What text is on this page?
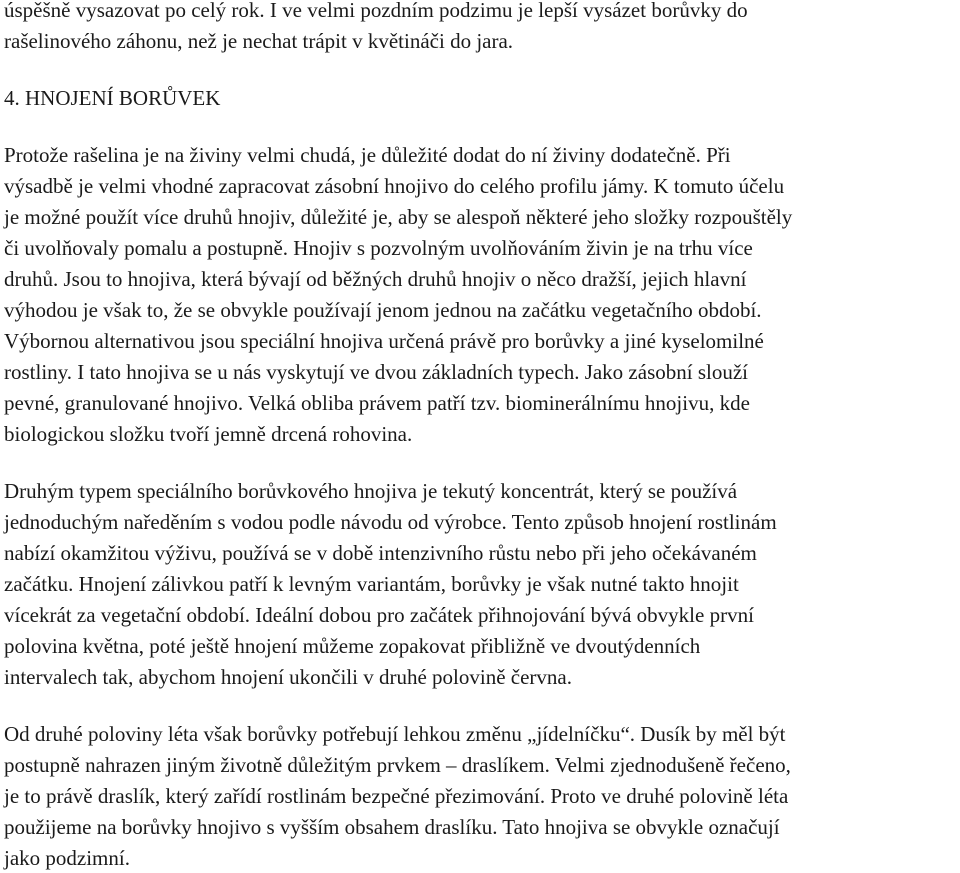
úspěšně vysazovat po celý rok. I ve velmi pozdním podzimu je lepší vysázet borůvky do
rašelinového záhonu, než je nechat trápit v květináči do jara.
4. HNOJENÍ BORŮVEK
Protože rašelina je na živiny velmi chudá, je důležité dodat do ní živiny dodatečně. Při
výsadbě je velmi vhodné zapracovat zásobní hnojivo do celého profilu jámy. K tomuto účelu
je možné použít více druhů hnojiv, důležité je, aby se alespoň některé jeho složky rozpouštěly
či uvolňovaly pomalu a postupně. Hnojiv s pozvolným uvolňováním živin je na trhu více
druhů. Jsou to hnojiva, která bývají od běžných druhů hnojiv o něco dražší, jejich hlavní
výhodou je však to, že se obvykle používají jenom jednou na začátku vegetačního období.
Výbornou alternativou jsou speciální hnojiva určená právě pro borůvky a jiné kyselomilné
rostliny. I tato hnojiva se u nás vyskytují ve dvou základních typech. Jako zásobní slouží
pevné, granulované hnojivo. Velká obliba právem patří tzv. biominerálnímu hnojivu, kde
biologickou složku tvoří jemně drcená rohovina.
Druhým typem speciálního borůvkového hnojiva je tekutý koncentrát, který se používá
jednoduchým naředěním s vodou podle návodu od výrobce. Tento způsob hnojení rostlinám
nabízí okamžitou výživu, používá se v době intenzivního růstu nebo při jeho očekávaném
začátku. Hnojení zálivkou patří k levným variantám, borůvky je však nutné takto hnojit
vícekrát za vegetační období. Ideální dobou pro začátek přihnojování bývá obvykle první
polovina května, poté ještě hnojení můžeme zopakovat přibližně ve dvoutýdenních
intervalech tak, abychom hnojení ukončili v druhé polovině června.
Od druhé poloviny léta však borůvky potřebují lehkou změnu „jídelníčku“. Dusík by měl být
postupně nahrazen jiným životně důležitým prvkem – draslíkem. Velmi zjednodušeně řečeno,
je to právě draslík, který zařídí rostlinám bezpečné přezimování. Proto ve druhé polovině léta
použijeme na borůvky hnojivo s vyšším obsahem draslíku. Tato hnojiva se obvykle označují
jako podzimní.
